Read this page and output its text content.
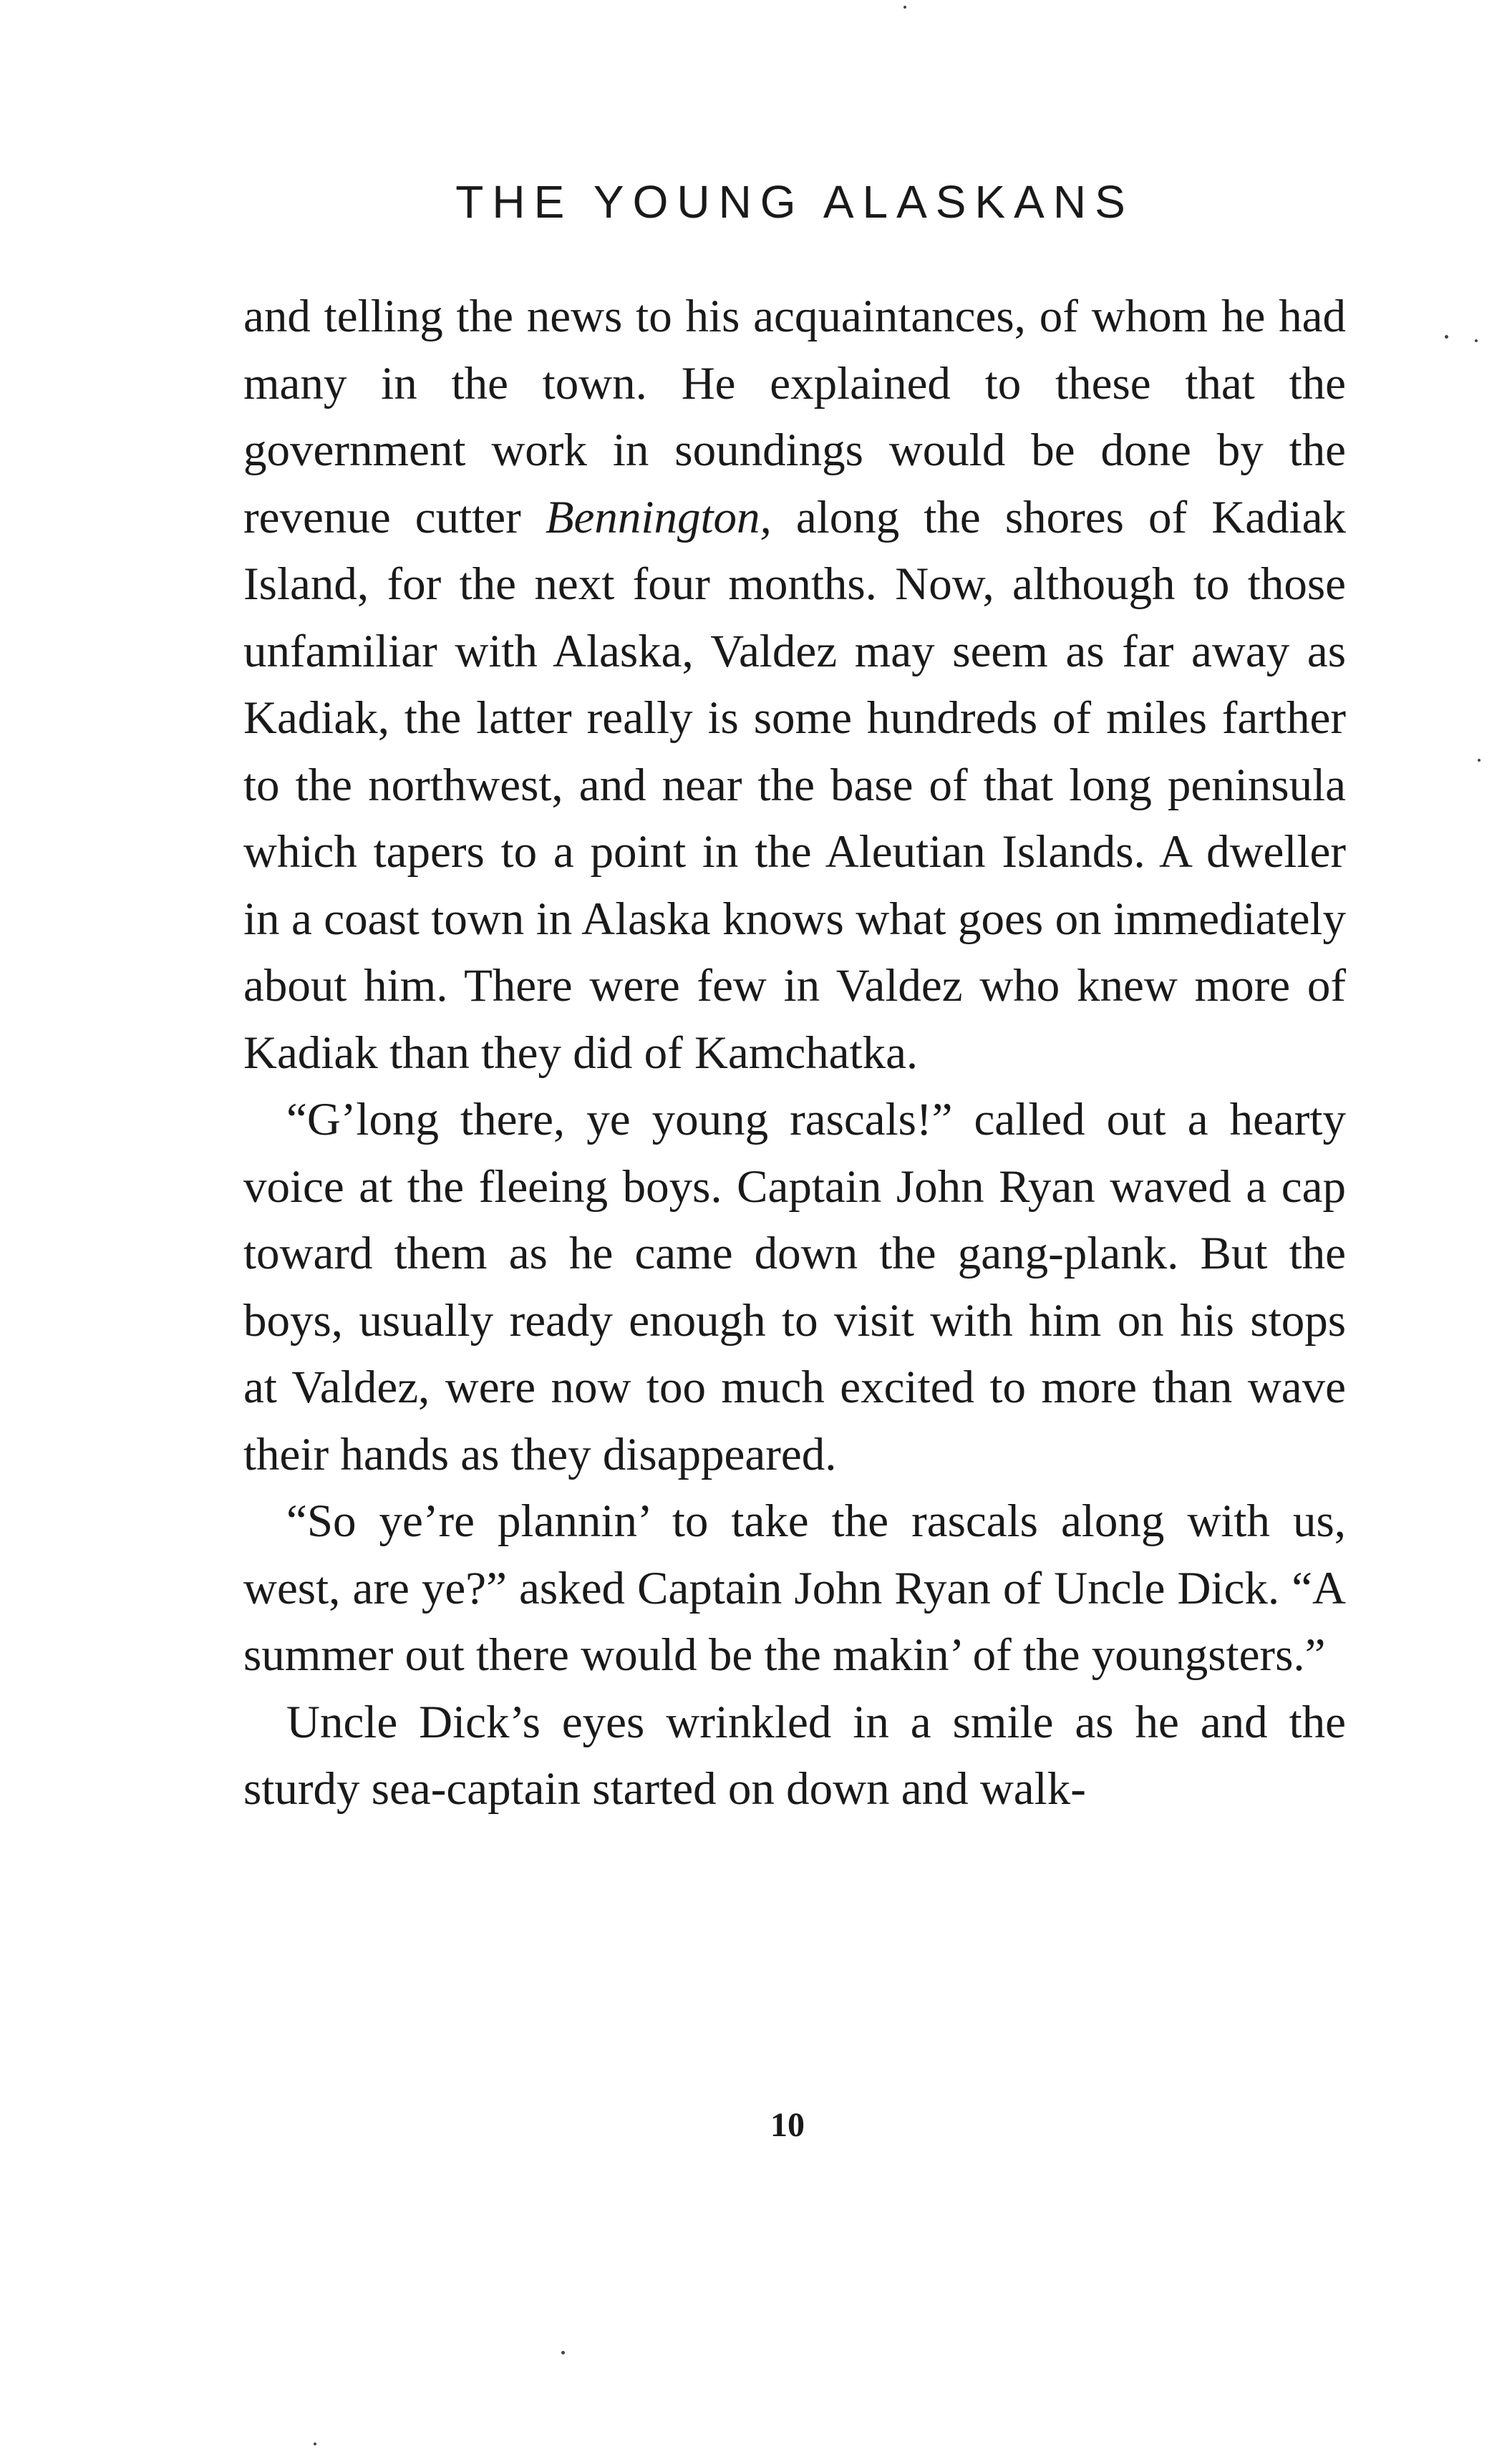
THE YOUNG ALASKANS

and telling the news to his acquaintances, of whom he had many in the town. He explained to these that the government work in soundings would be done by the revenue cutter Bennington, along the shores of Kadiak Island, for the next four months. Now, although to those unfamiliar with Alaska, Valdez may seem as far away as Kadiak, the latter really is some hundreds of miles farther to the northwest, and near the base of that long peninsula which tapers to a point in the Aleutian Islands. A dweller in a coast town in Alaska knows what goes on immediately about him. There were few in Valdez who knew more of Kadiak than they did of Kamchatka.

“G’long there, ye young rascals!” called out a hearty voice at the fleeing boys. Captain John Ryan waved a cap toward them as he came down the gang-plank. But the boys, usually ready enough to visit with him on his stops at Valdez, were now too much excited to more than wave their hands as they disappeared.

“So ye’re plannin’ to take the rascals along with us, west, are ye?” asked Captain John Ryan of Uncle Dick. “A summer out there would be the makin’ of the youngsters.”

Uncle Dick’s eyes wrinkled in a smile as he and the sturdy sea-captain started on down and walk-

10
